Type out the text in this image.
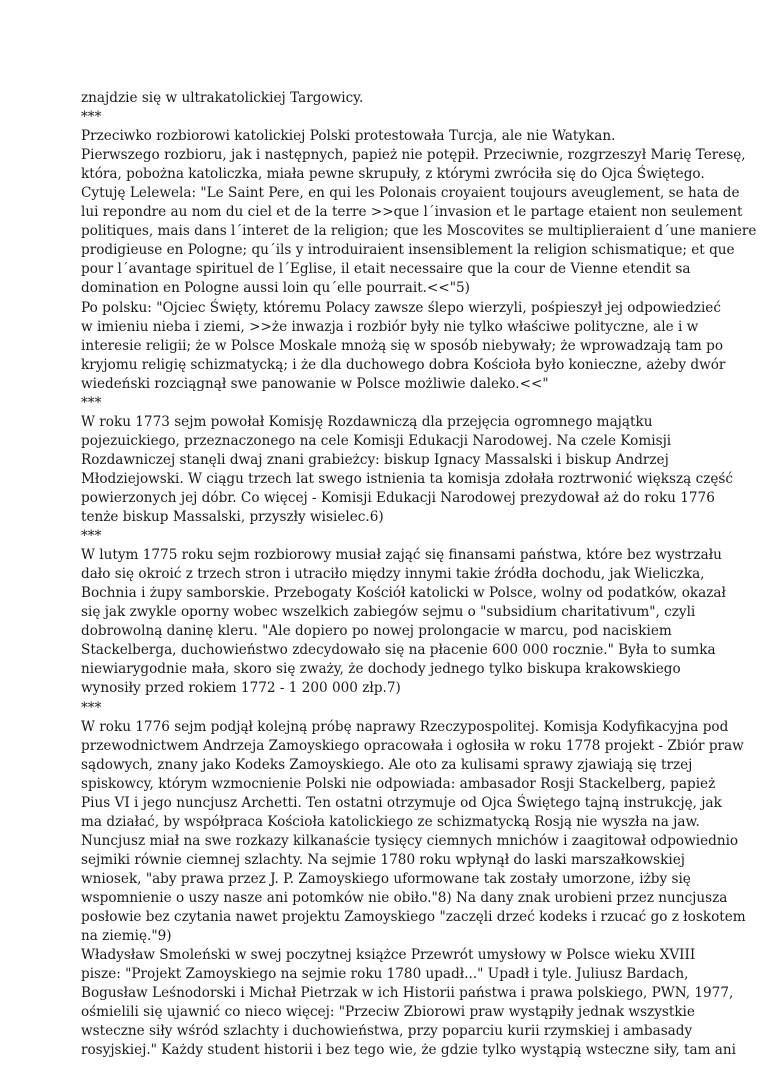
znajdzie się w ultrakatolickiej Targowicy.
***
Przeciwko rozbiorowi katolickiej Polski protestowała Turcja, ale nie Watykan.
Pierwszego rozbioru, jak i następnych, papież nie potępił. Przeciwnie, rozgrzeszył Marię Teresę,
która, pobożna katoliczka, miała pewne skrupuły, z którymi zwróciła się do Ojca Świętego.
Cytuję Lelewela: "Le Saint Pere, en qui les Polonais croyaient toujours aveuglement, se hata de
lui repondre au nom du ciel et de la terre >>que l´invasion et le partage etaient non seulement
politiques, mais dans l´interet de la religion; que les Moscovites se multiplieraient d´une maniere
prodigieuse en Pologne; qu´ils y introduiraient insensiblement la religion schismatique; et que
pour l´avantage spirituel de l´Eglise, il etait necessaire que la cour de Vienne etendit sa
domination en Pologne aussi loin qu´elle pourrait.<<"5)
Po polsku: "Ojciec Święty, któremu Polacy zawsze ślepo wierzyli, pośpieszył jej odpowiedzieć
w imieniu nieba i ziemi, >>że inwazja i rozbiór były nie tylko właściwe polityczne, ale i w
interesie religii; że w Polsce Moskale mnożą się w sposób niebywały; że wprowadzają tam po
kryjomu religię schizmatycką; i że dla duchowego dobra Kościoła było konieczne, ażeby dwór
wiedeński rozciągnął swe panowanie w Polsce możliwie daleko.<<"
***
W roku 1773 sejm powołał Komisję Rozdawniczą dla przejęcia ogromnego majątku
pojezuickiego, przeznaczonego na cele Komisji Edukacji Narodowej. Na czele Komisji
Rozdawniczej stanęli dwaj znani grabieżcy: biskup Ignacy Massalski i biskup Andrzej
Młodziejowski. W ciągu trzech lat swego istnienia ta komisja zdołała roztrwonić większą część
powierzonych jej dóbr. Co więcej - Komisji Edukacji Narodowej prezydował aż do roku 1776
tenże biskup Massalski, przyszły wisielec.6)
***
W lutym 1775 roku sejm rozbiorowy musiał zająć się finansami państwa, które bez wystrzału
dało się okroić z trzech stron i utraciło między innymi takie źródła dochodu, jak Wieliczka,
Bochnia i żupy samborskie. Przebogaty Kościół katolicki w Polsce, wolny od podatków, okazał
się jak zwykle oporny wobec wszelkich zabiegów sejmu o "subsidium charitativum", czyli
dobrowolną daninę kleru. "Ale dopiero po nowej prolongacie w marcu, pod naciskiem
Stackelberga, duchowieństwo zdecydowało się na płacenie 600 000 rocznie." Była to sumka
niewiarygodnie mała, skoro się zważy, że dochody jednego tylko biskupa krakowskiego
wynosiły przed rokiem 1772 - 1 200 000 złp.7)
***
W roku 1776 sejm podjął kolejną próbę naprawy Rzeczypospolitej. Komisja Kodyfikacyjna pod
przewodnictwem Andrzeja Zamoyskiego opracowała i ogłosiła w roku 1778 projekt - Zbiór praw
sądowych, znany jako Kodeks Zamoyskiego. Ale oto za kulisami sprawy zjawiają się trzej
spiskowcy, którym wzmocnienie Polski nie odpowiada: ambasador Rosji Stackelberg, papież
Pius VI i jego nuncjusz Archetti. Ten ostatni otrzymuje od Ojca Świętego tajną instrukcję, jak
ma działać, by współpraca Kościoła katolickiego ze schizmatycką Rosją nie wyszła na jaw.
Nuncjusz miał na swe rozkazy kilkanaście tysięcy ciemnych mnichów i zaagitował odpowiednio
sejmiki równie ciemnej szlachty. Na sejmie 1780 roku wpłynął do laski marszałkowskiej
wniosek, "aby prawa przez J. P. Zamoyskiego uformowane tak zostały umorzone, iżby się
wspomnienie o uszy nasze ani potomków nie obiło."8) Na dany znak urobieni przez nuncjusza
posłowie bez czytania nawet projektu Zamoyskiego "zaczęli drzeć kodeks i rzucać go z łoskotem
na ziemię."9)
Władysław Smoleński w swej poczytnej książce Przewrót umysłowy w Polsce wieku XVIII
pisze: "Projekt Zamoyskiego na sejmie roku 1780 upadł..." Upadł i tyle. Juliusz Bardach,
Bogusław Leśnodorski i Michał Pietrzak w ich Historii państwa i prawa polskiego, PWN, 1977,
ośmielili się ujawnić co nieco więcej: "Przeciw Zbiorowi praw wystąpiły jednak wszystkie
wsteczne siły wśród szlachty i duchowieństwa, przy poparciu kurii rzymskiej i ambasady
rosyjskiej." Każdy student historii i bez tego wie, że gdzie tylko wystąpią wsteczne siły, tam ani
